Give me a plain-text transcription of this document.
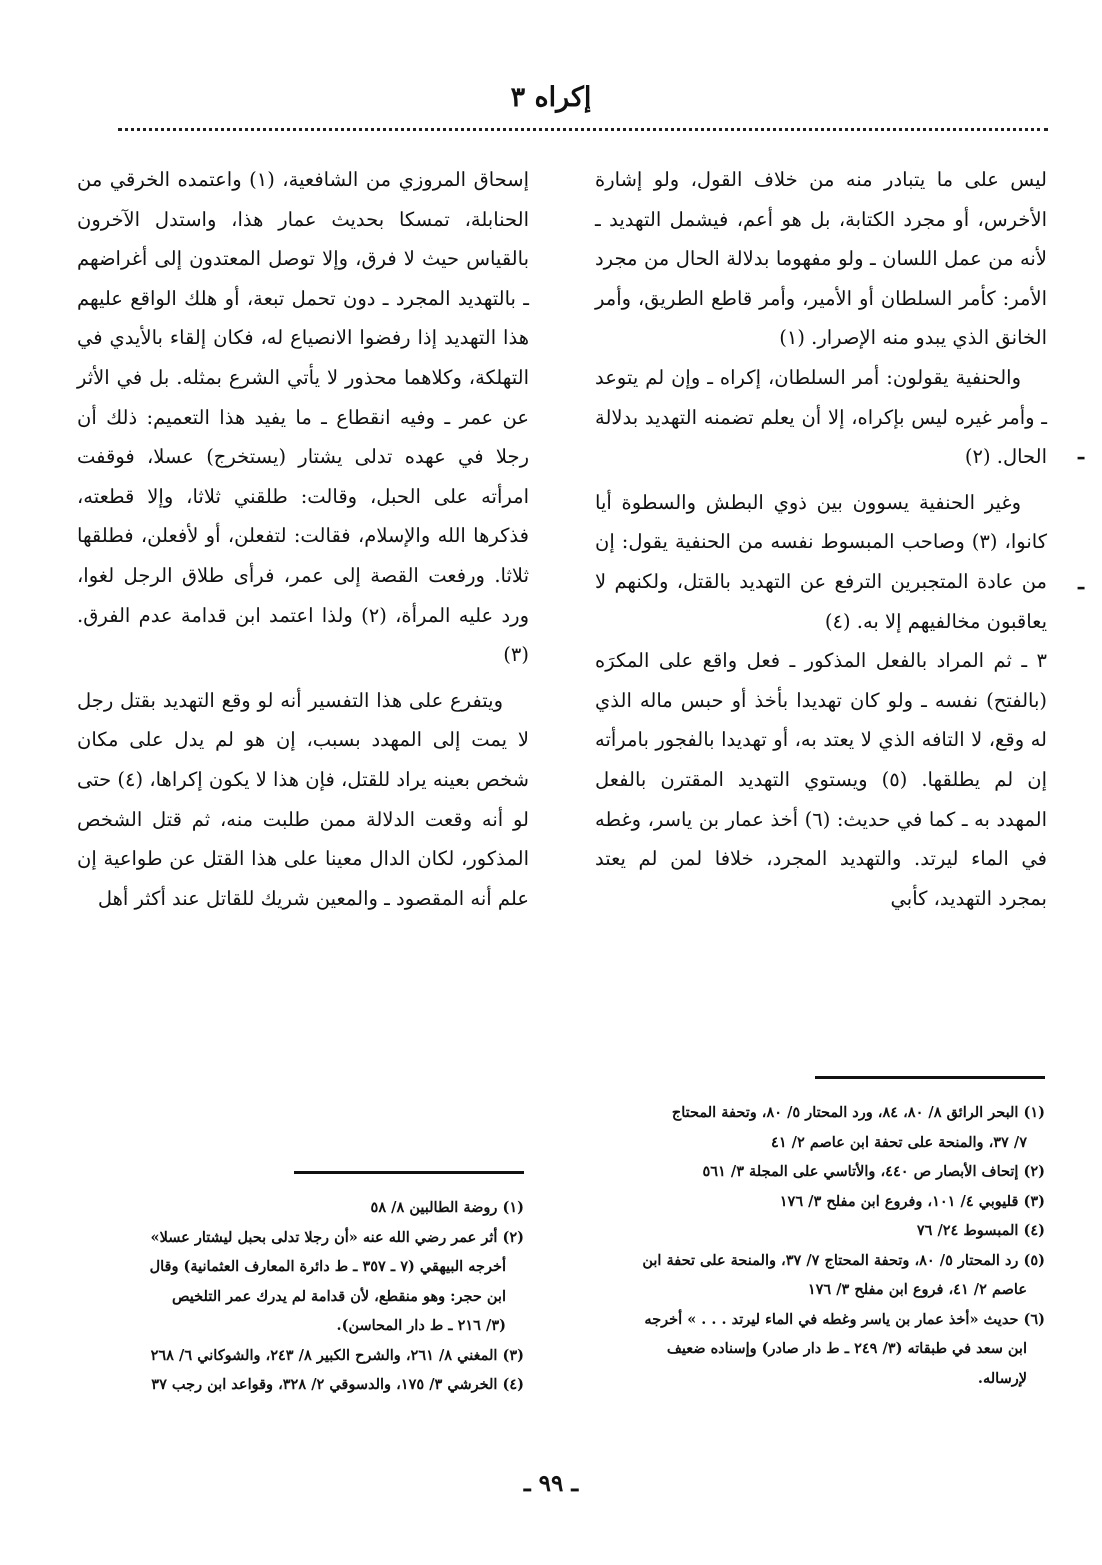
إكراه ٣
ـ
ـ

ليس على ما يتبادر منه من خلاف القول، ولو إشارة الأخرس، أو مجرد الكتابة، بل هو أعم، فيشمل التهديد ـ لأنه من عمل اللسان ـ ولو مفهوما بدلالة الحال من مجرد الأمر: كأمر السلطان أو الأمير، وأمر قاطع الطريق، وأمر الخانق الذي يبدو منه الإصرار. (١)

والحنفية يقولون: أمر السلطان، إكراه ـ وإن لم يتوعد ـ وأمر غيره ليس بإكراه، إلا أن يعلم تضمنه التهديد بدلالة الحال. (٢)

وغير الحنفية يسوون بين ذوي البطش والسطوة أيا كانوا، (٣) وصاحب المبسوط نفسه من الحنفية يقول: إن من عادة المتجبرين الترفع عن التهديد بالقتل، ولكنهم لا يعاقبون مخالفيهم إلا به. (٤)

٣ ـ ثم المراد بالفعل المذكور ـ فعل واقع على المكرَه (بالفتح) نفسه ـ ولو كان تهديدا بأخذ أو حبس ماله الذي له وقع، لا التافه الذي لا يعتد به، أو تهديدا بالفجور بامرأته إن لم يطلقها. (٥) ويستوي التهديد المقترن بالفعل المهدد به ـ كما في حديث: (٦) أخذ عمار بن ياسر، وغطه في الماء ليرتد. والتهديد المجرد، خلافا لمن لم يعتد بمجرد التهديد، كأبي

إسحاق المروزي من الشافعية، (١) واعتمده الخرقي من الحنابلة، تمسكا بحديث عمار هذا، واستدل الآخرون بالقياس حيث لا فرق، وإلا توصل المعتدون إلى أغراضهم ـ بالتهديد المجرد ـ دون تحمل تبعة، أو هلك الواقع عليهم هذا التهديد إذا رفضوا الانصياع له، فكان إلقاء بالأيدي في التهلكة، وكلاهما محذور لا يأتي الشرع بمثله. بل في الأثر عن عمر ـ وفيه انقطاع ـ ما يفيد هذا التعميم: ذلك أن رجلا في عهده تدلى يشتار (يستخرج) عسلا، فوقفت امرأته على الحبل، وقالت: طلقني ثلاثا، وإلا قطعته، فذكرها الله والإسلام، فقالت: لتفعلن، أو لأفعلن، فطلقها ثلاثا. ورفعت القصة إلى عمر، فرأى طلاق الرجل لغوا، ورد عليه المرأة، (٢) ولذا اعتمد ابن قدامة عدم الفرق. (٣)

ويتفرع على هذا التفسير أنه لو وقع التهديد بقتل رجل لا يمت إلى المهدد بسبب، إن هو لم يدل على مكان شخص بعينه يراد للقتل، فإن هذا لا يكون إكراها، (٤) حتى لو أنه وقعت الدلالة ممن طلبت منه، ثم قتل الشخص المذكور، لكان الدال معينا على هذا القتل عن طواعية إن علم أنه المقصود ـ والمعين شريك للقاتل عند أكثر أهل

(١) البحر الرائق ٨/ ٨٠، ٨٤، ورد المحتار ٥/ ٨٠، وتحفة المحتاج

٧/ ٣٧، والمنحة على تحفة ابن عاصم ٢/ ٤١

(٢) إتحاف الأبصار ص ٤٤٠، والأتاسي على المجلة ٣/ ٥٦١

(٣) قليوبي ٤/ ١٠١، وفروع ابن مفلح ٣/ ١٧٦

(٤) المبسوط ٢٤/ ٧٦

(٥) رد المحتار ٥/ ٨٠، وتحفة المحتاج ٧/ ٣٧، والمنحة على تحفة ابن

عاصم ٢/ ٤١، فروع ابن مفلح ٣/ ١٧٦

(٦) حديث «أخذ عمار بن ياسر وغطه في الماء ليرتد . . . » أخرجه

ابن سعد في طبقاته (٣/ ٢٤٩ ـ ط دار صادر) وإسناده ضعيف

لإرساله.

(١) روضة الطالبين ٨/ ٥٨

(٢) أثر عمر رضي الله عنه «أن رجلا تدلى بحبل ليشتار عسلا»

أخرجه البيهقي (٧ ـ ٣٥٧ ـ ط دائرة المعارف العثمانية) وقال

ابن حجر: وهو منقطع، لأن قدامة لم يدرك عمر التلخيص

(٣/ ٢١٦ ـ ط دار المحاسن).

(٣) المغني ٨/ ٢٦١، والشرح الكبير ٨/ ٢٤٣، والشوكاني ٦/ ٢٦٨

(٤) الخرشي ٣/ ١٧٥، والدسوقي ٢/ ٣٢٨، وقواعد ابن رجب ٣٧

ـ ٩٩ ـ
